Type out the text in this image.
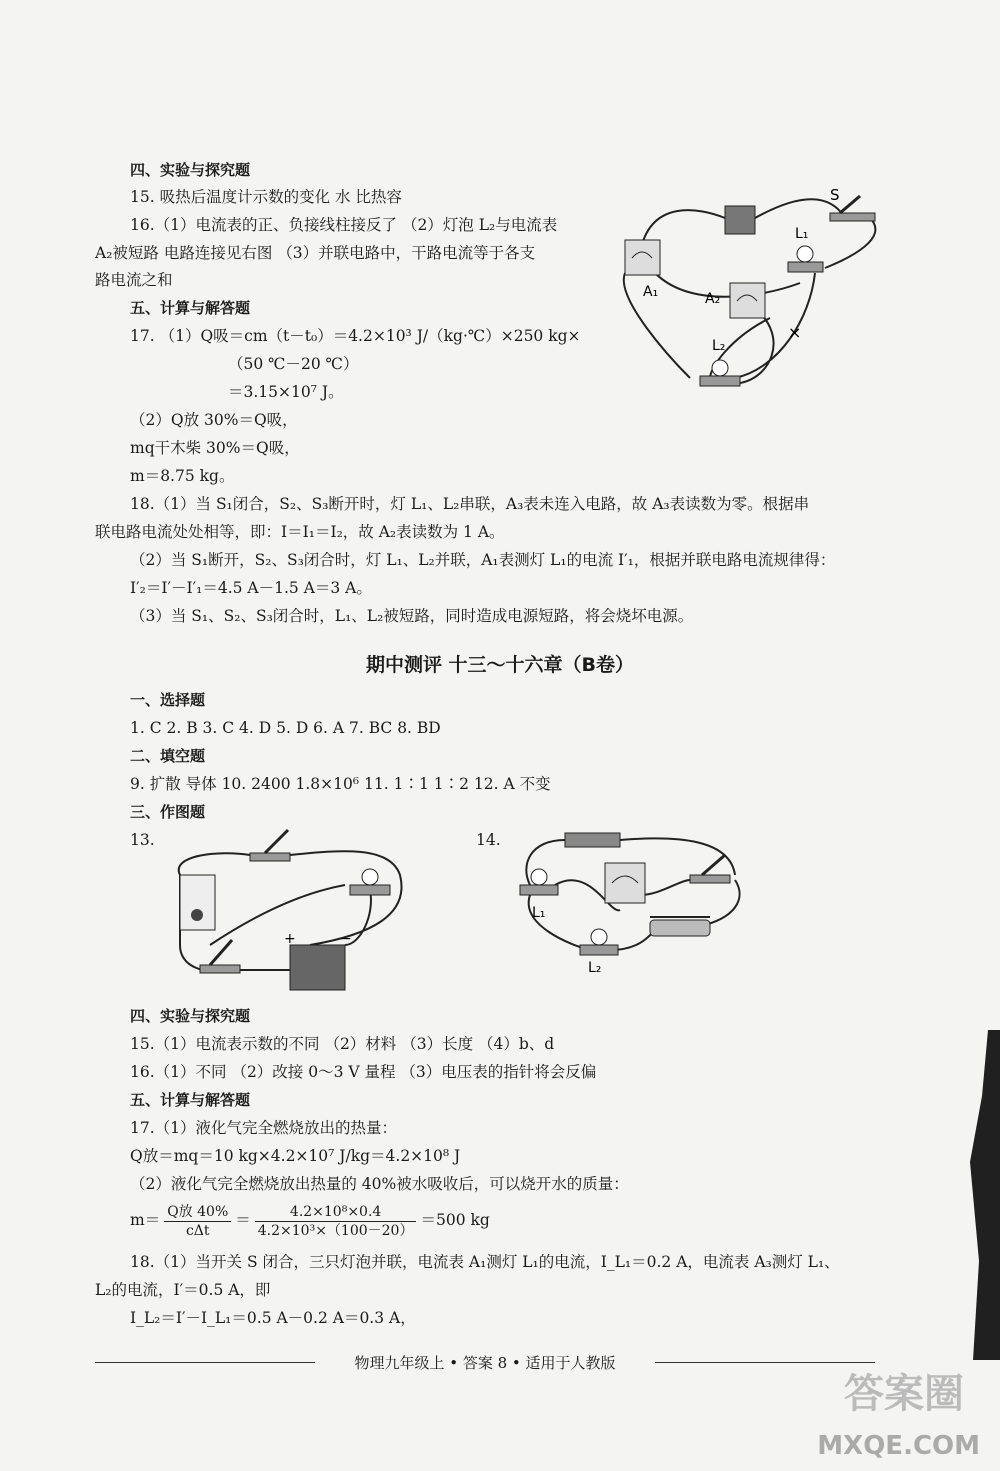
四、实验与探究题
15. 吸热后温度计示数的变化 水 比热容
16.（1）电流表的正、负接线柱接反了 （2）灯泡 L₂与电流表
A₂被短路 电路连接见右图 （3）并联电路中，干路电流等于各支
路电流之和
五、计算与解答题
17. （1）Q吸＝cm（t－t₀）＝4.2×10³ J/（kg·℃）×250 kg×
（50 ℃－20 ℃）
＝3.15×10⁷ J。
（2）Q放 30%＝Q吸，
mq干木柴 30%＝Q吸，
m＝8.75 kg。
18.（1）当 S₁闭合，S₂、S₃断开时，灯 L₁、L₂串联，A₃表未连入电路，故 A₃表读数为零。根据串
联电路电流处处相等，即：I＝I₁＝I₂，故 A₂表读数为 1 A。
（2）当 S₁断开，S₂、S₃闭合时，灯 L₁、L₂并联，A₁表测灯 L₁的电流 I′₁，根据并联电路电流规律得：
I′₂＝I′－I′₁＝4.5 A－1.5 A＝3 A。
（3）当 S₁、S₂、S₃闭合时，L₁、L₂被短路，同时造成电源短路，将会烧坏电源。
S
A₁
L₁
A₂
×
L₂
期中测评 十三～十六章（B卷）
一、选择题
1. C 2. B 3. C 4. D 5. D 6. A 7. BC 8. BD
二、填空题
9. 扩散 导体 10. 2400 1.8×10⁶ 11. 1∶1 1∶2 12. A 不变
三、作图题
13.	14.
+	−
L₁
L₂
四、实验与探究题
15.（1）电流表示数的不同 （2）材料 （3）长度 （4）b、d
16.（1）不同 （2）改接 0～3 V 量程 （3）电压表的指针将会反偏
五、计算与解答题
17.（1）液化气完全燃烧放出的热量：
Q放＝mq＝10 kg×4.2×10⁷ J/kg＝4.2×10⁸ J
（2）液化气完全燃烧放出热量的 40%被水吸收后，可以烧开水的质量：
$m= \frac{\text{Q放 40\%}}{\text{cΔt}} = \frac{\text{4.2×10⁸×0.4}}{\text{4.2×10³×（100－20）}} =500$ kg
18.（1）当开关 S 闭合，三只灯泡并联，电流表 A₁测灯 L₁的电流，I_L₁＝0.2 A，电流表 A₃测灯 L₁、
L₂的电流，I′＝0.5 A，即
I_L₂＝I′－I_L₁＝0.5 A－0.2 A＝0.3 A，
物理九年级上 • 答案 8 • 适用于人教版
答案圈
MXQE.COM
